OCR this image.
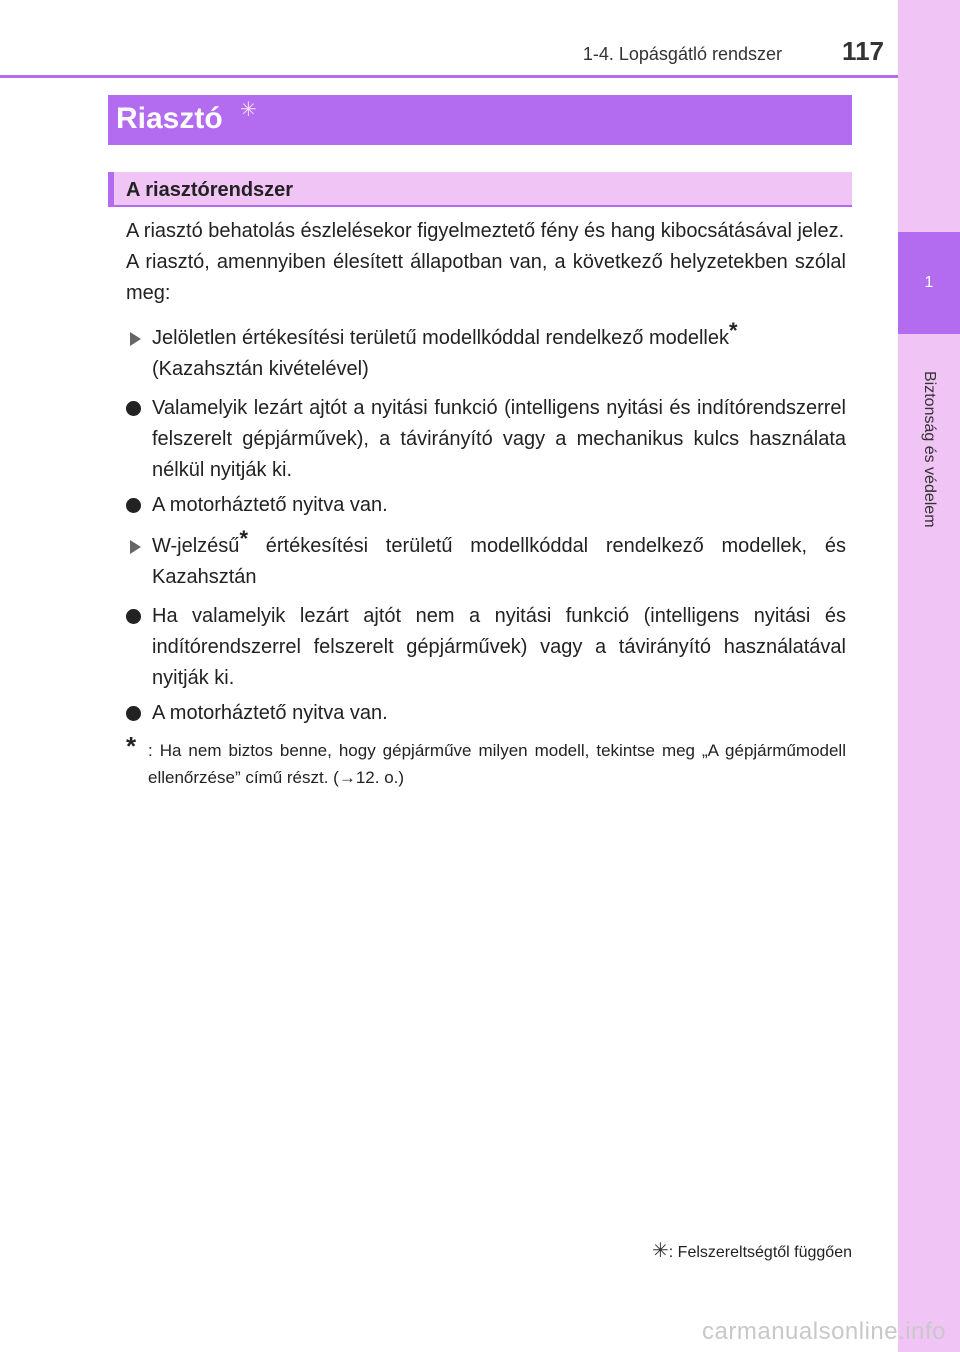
1
Biztonság és védelem
1-4. Lopásgátló rendszer 117
Riasztó ✳
A riasztórendszer
A riasztó behatolás észlelésekor figyelmeztető fény és hang kibocsátásával jelez.
A riasztó, amennyiben élesített állapotban van, a következő helyzetekben szólal meg:
Jelöletlen értékesítési területű modellkóddal rendelkező modellek*
(Kazahsztán kivételével)
Valamelyik lezárt ajtót a nyitási funkció (intelligens nyitási és indítórendszerrel felszerelt gépjárművek), a távirányító vagy a mechanikus kulcs használata nélkül nyitják ki.
A motorháztető nyitva van.
W-jelzésű* értékesítési területű modellkóddal rendelkező modellek, és Kazahsztán
Ha valamelyik lezárt ajtót nem a nyitási funkció (intelligens nyitási és indítórendszerrel felszerelt gépjárművek) vagy a távirányító használatával nyitják ki.
A motorháztető nyitva van.
* : Ha nem biztos benne, hogy gépjárműve milyen modell, tekintse meg „A gépjárműmodell ellenőrzése” című részt. (→12. o.)
✳: Felszereltségtől függően
carmanualsonline.info
